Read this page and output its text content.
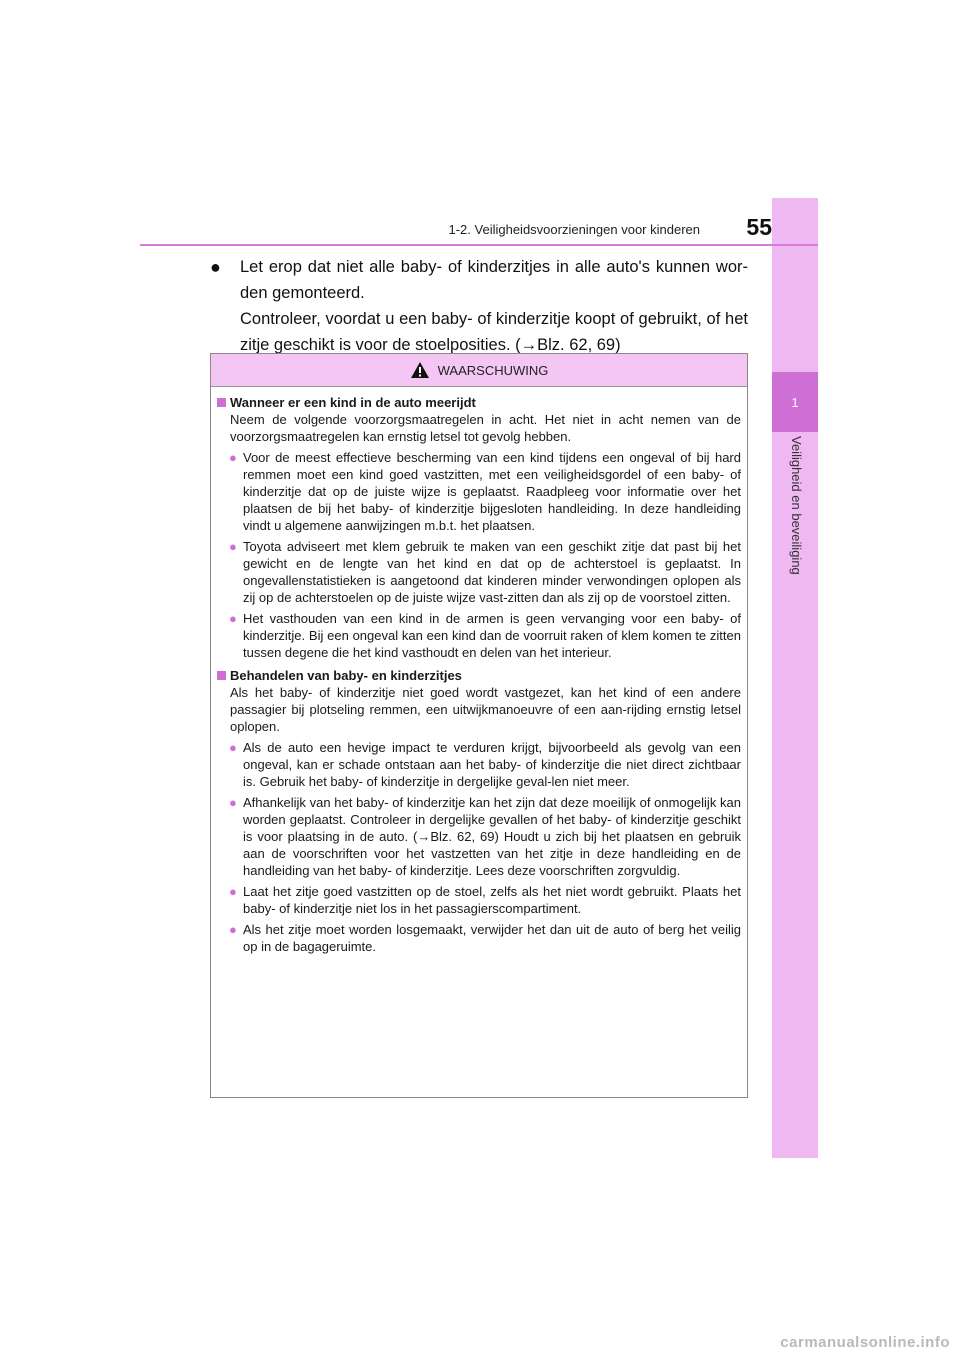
1
Veiligheid en beveiliging
1-2. Veiligheidsvoorzieningen voor kinderen	55
●	Let erop dat niet alle baby- of kinderzitjes in alle auto's kunnen wor-den gemonteerd.
Controleer, voordat u een baby- of kinderzitje koopt of gebruikt, of het zitje geschikt is voor de stoelposities. (→Blz. 62, 69)
WAARSCHUWING
Wanneer er een kind in de auto meerijdt

Neem de volgende voorzorgsmaatregelen in acht. Het niet in acht nemen van de voorzorgsmaatregelen kan ernstig letsel tot gevolg hebben.

● Voor de meest effectieve bescherming van een kind tijdens een ongeval of bij hard remmen moet een kind goed vastzitten, met een veiligheidsgordel of een baby- of kinderzitje dat op de juiste wijze is geplaatst. Raadpleeg voor informatie over het plaatsen de bij het baby- of kinderzitje bijgesloten handleiding. In deze handleiding vindt u algemene aanwijzingen m.b.t. het plaatsen.
● Toyota adviseert met klem gebruik te maken van een geschikt zitje dat past bij het gewicht en de lengte van het kind en dat op de achterstoel is geplaatst. In ongevallenstatistieken is aangetoond dat kinderen minder verwondingen oplopen als zij op de achterstoelen op de juiste wijze vast-zitten dan als zij op de voorstoel zitten.
● Het vasthouden van een kind in de armen is geen vervanging voor een baby- of kinderzitje. Bij een ongeval kan een kind dan de voorruit raken of klem komen te zitten tussen degene die het kind vasthoudt en delen van het interieur.
Behandelen van baby- en kinderzitjes

Als het baby- of kinderzitje niet goed wordt vastgezet, kan het kind of een andere passagier bij plotseling remmen, een uitwijkmanoeuvre of een aan-rijding ernstig letsel oplopen.

● Als de auto een hevige impact te verduren krijgt, bijvoorbeeld als gevolg van een ongeval, kan er schade ontstaan aan het baby- of kinderzitje die niet direct zichtbaar is. Gebruik het baby- of kinderzitje in dergelijke geval-len niet meer.
● Afhankelijk van het baby- of kinderzitje kan het zijn dat deze moeilijk of onmogelijk kan worden geplaatst. Controleer in dergelijke gevallen of het baby- of kinderzitje geschikt is voor plaatsing in de auto. (→Blz. 62, 69) Houdt u zich bij het plaatsen en gebruik aan de voorschriften voor het vastzetten van het zitje in deze handleiding en de handleiding van het baby- of kinderzitje. Lees deze voorschriften zorgvuldig.
● Laat het zitje goed vastzitten op de stoel, zelfs als het niet wordt gebruikt. Plaats het baby- of kinderzitje niet los in het passagierscompartiment.
● Als het zitje moet worden losgemaakt, verwijder het dan uit de auto of berg het veilig op in de bagageruimte.
carmanualsonline.info
